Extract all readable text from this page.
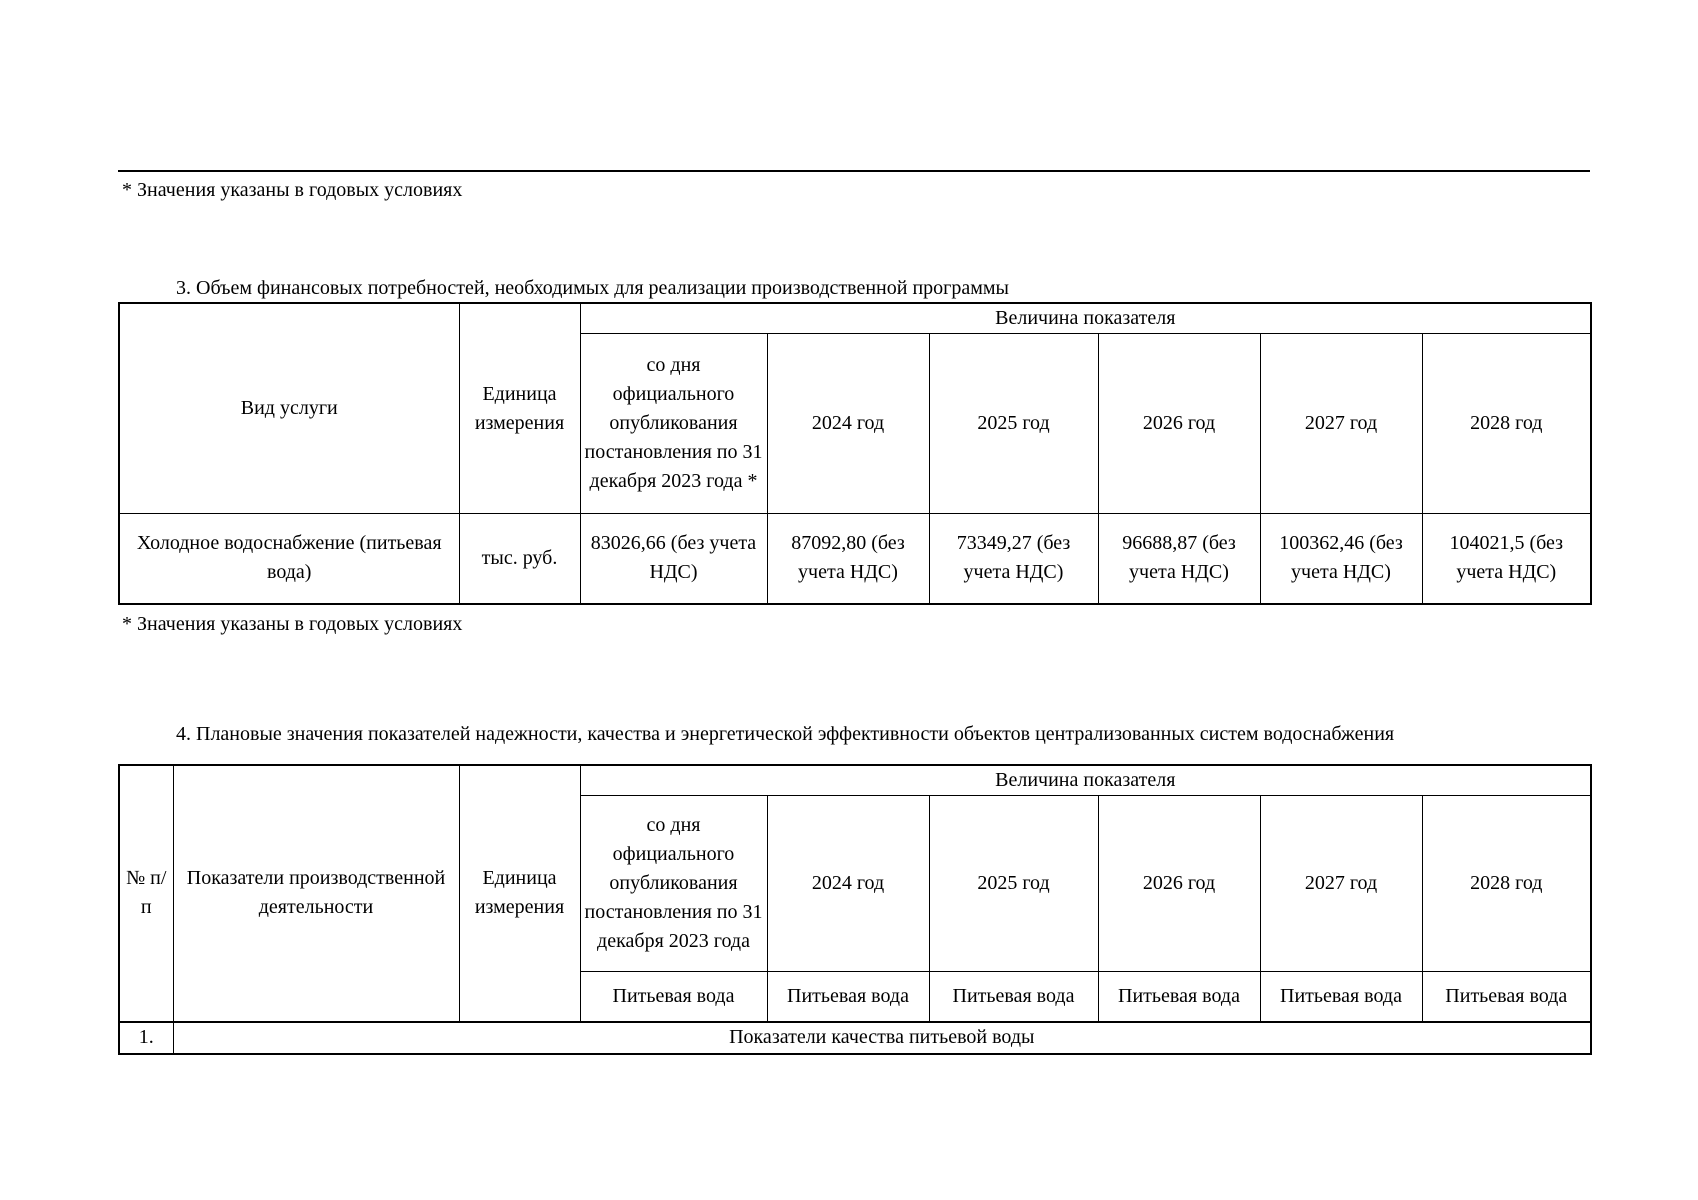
* Значения указаны в годовых условиях
3. Объем финансовых потребностей, необходимых для реализации производственной программы
Вид услуги	Единица измерения	Величина показателя					
		со дня официального опубликования постановления по 31 декабря 2023 года *	2024 год	2025 год	2026 год	2027 год	2028 год
Холодное водоснабжение (питьевая вода)	тыс. руб.	83026,66 (без учета НДС)	87092,80 (без учета НДС)	73349,27 (без учета НДС)	96688,87 (без учета НДС)	100362,46 (без учета НДС)	104021,5 (без учета НДС)
* Значения указаны в годовых условиях
4. Плановые значения показателей надежности, качества и энергетической эффективности объектов централизованных систем водоснабжения
№ п/п	Показатели производственной деятельности	Единица измерения	Величина показателя					
			со дня официального опубликования постановления по 31 декабря 2023 года	2024 год	2025 год	2026 год	2027 год	2028 год
			Питьевая вода	Питьевая вода	Питьевая вода	Питьевая вода	Питьевая вода	Питьевая вода
1.	Показатели качества питьевой воды							
